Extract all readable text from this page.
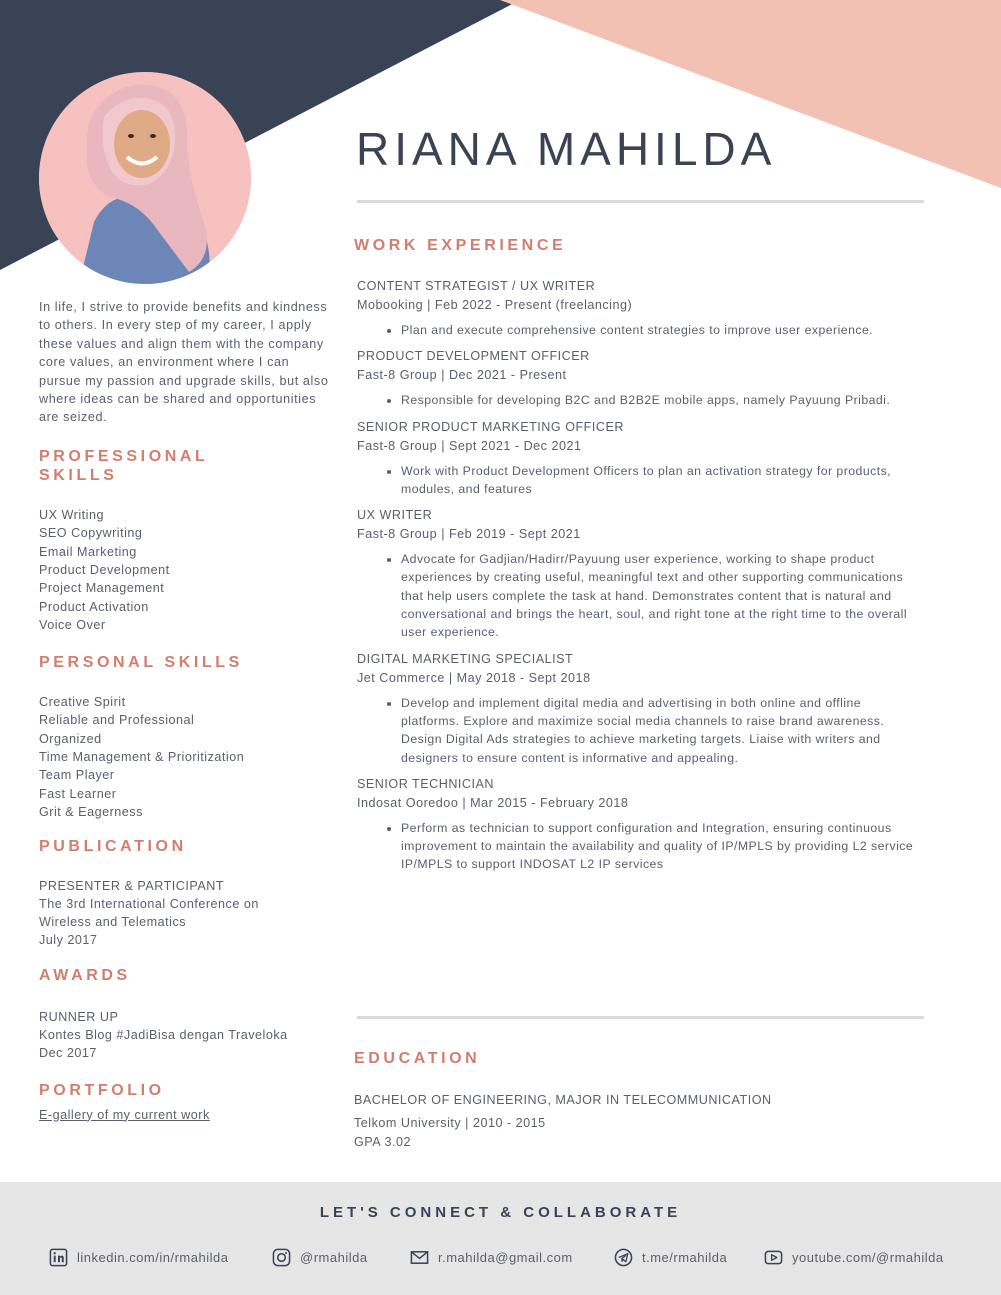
RIANA MAHILDA

In life, I strive to provide benefits and kindness to others. In every step of my career, I apply these values and align them with the company core values, an environment where I can pursue my passion and upgrade skills, but also where ideas can be shared and opportunities are seized.

PROFESSIONAL
SKILLS
UX Writing
SEO Copywriting
Email Marketing
Product Development
Project Management
Product Activation
Voice Over
PERSONAL SKILLS
Creative Spirit
Reliable and Professional
Organized
Time Management & Prioritization
Team Player
Fast Learner
Grit & Eagerness
PUBLICATION
PRESENTER & PARTICIPANT
The 3rd International Conference on
Wireless and Telematics
July 2017
AWARDS
RUNNER UP
Kontes Blog #JadiBisa dengan Traveloka
Dec 2017
PORTFOLIO
E-gallery of my current work
WORK EXPERIENCE
CONTENT STRATEGIST / UX WRITER
Mobooking | Feb 2022 - Present (freelancing)
• Plan and execute comprehensive content strategies to improve user experience.
PRODUCT DEVELOPMENT OFFICER
Fast-8 Group | Dec 2021 - Present
• Responsible for developing B2C and B2B2E mobile apps, namely Payuung Pribadi.
SENIOR PRODUCT MARKETING OFFICER
Fast-8 Group | Sept 2021 - Dec 2021
• Work with Product Development Officers to plan an activation strategy for products, modules, and features
UX WRITER
Fast-8 Group | Feb 2019 - Sept 2021
• Advocate for Gadjian/Hadirr/Payuung user experience, working to shape product experiences by creating useful, meaningful text and other supporting communications that help users complete the task at hand. Demonstrates content that is natural and conversational and brings the heart, soul, and right tone at the right time to the overall user experience.
DIGITAL MARKETING SPECIALIST
Jet Commerce | May 2018 - Sept 2018
• Develop and implement digital media and advertising in both online and offline platforms. Explore and maximize social media channels to raise brand awareness. Design Digital Ads strategies to achieve marketing targets. Liaise with writers and designers to ensure content is informative and appealing.
SENIOR TECHNICIAN
Indosat Ooredoo | Mar 2015 - February 2018
• Perform as technician to support configuration and Integration, ensuring continuous improvement to maintain the availability and quality of IP/MPLS by providing L2 service IP/MPLS to support INDOSAT L2 IP services
EDUCATION
BACHELOR OF ENGINEERING, MAJOR IN TELECOMMUNICATION
Telkom University | 2010 - 2015
GPA 3.02
LET'S CONNECT & COLLABORATE
linkedin.com/in/rmahilda	@rmahilda	r.mahilda@gmail.com	t.me/rmahilda	youtube.com/@rmahilda
